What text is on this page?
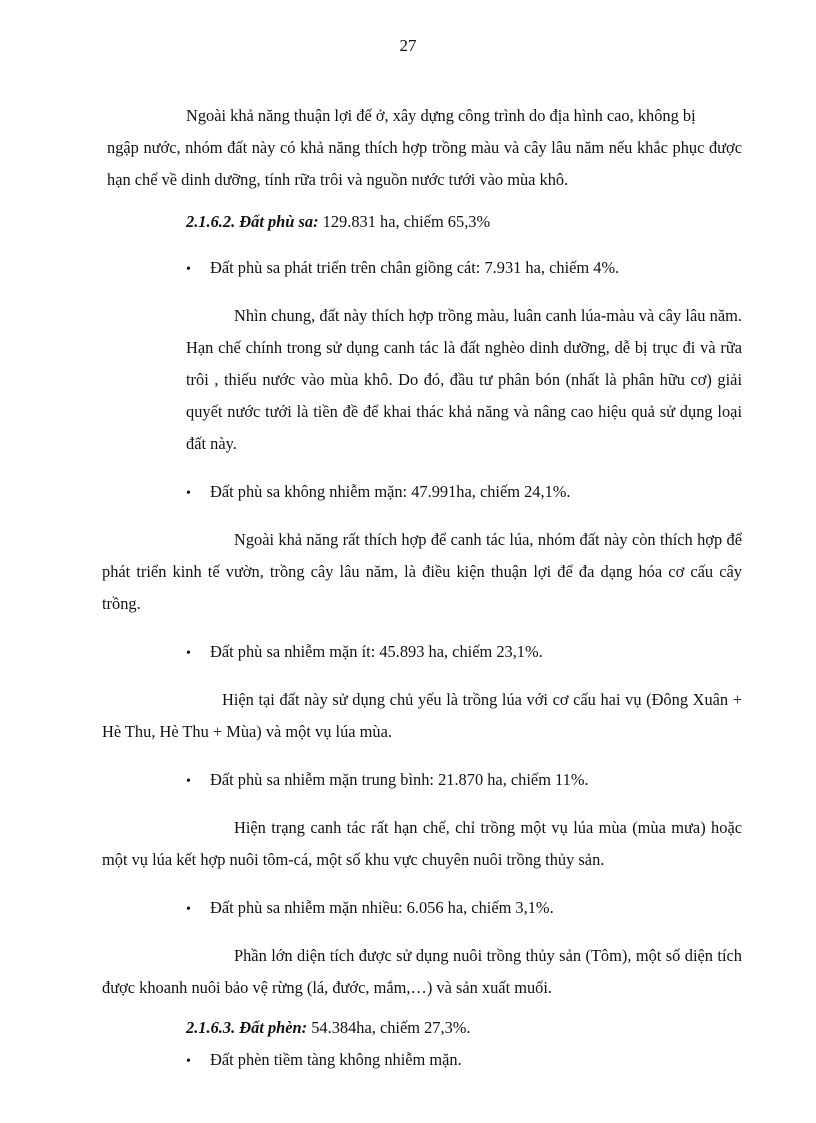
27

Ngoài khả năng thuận lợi để ở, xây dựng công trình do địa hình cao, không bị

ngập nước, nhóm đất này có khả năng thích hợp trồng màu và cây lâu năm nếu khắc phục được hạn chế về dinh dưỡng, tính rữa trôi và nguồn nước tưới vào mùa khô.

2.1.6.2. Đất phù sa: 129.831 ha, chiếm 65,3%

•	Đất phù sa phát triển trên chân giồng cát: 7.931 ha, chiếm 4%.

Nhìn chung, đất này thích hợp trồng màu, luân canh lúa-màu và cây lâu năm. Hạn chế chính trong sử dụng canh tác là đất nghèo dinh dưỡng, dễ bị trục đi và rữa trôi , thiếu nước vào mùa khô. Do đó, đầu tư phân bón (nhất là phân hữu cơ) giải quyết nước tưới là tiền đề để khai thác khả năng và nâng cao hiệu quả sử dụng loại đất này.

•	Đất phù sa không nhiễm mặn: 47.991ha, chiếm 24,1%.

Ngoài khả năng rất thích hợp để canh tác lúa, nhóm đất này còn thích hợp để phát triển kinh tế vườn, trồng cây lâu năm, là điều kiện thuận lợi để đa dạng hóa cơ cấu cây trồng.

•	Đất phù sa nhiễm mặn ít: 45.893 ha, chiếm 23,1%.

Hiện tại đất này sử dụng chủ yếu là trồng lúa với cơ cấu hai vụ (Đông Xuân + Hè Thu, Hè Thu + Mùa) và một vụ lúa mùa.

•	Đất phù sa nhiễm mặn trung bình: 21.870 ha, chiếm 11%.

Hiện trạng canh tác rất hạn chế, chỉ trồng một vụ lúa mùa (mùa mưa) hoặc một vụ lúa kết hợp nuôi tôm-cá, một số khu vực chuyên nuôi trồng thủy sản.

•	Đất phù sa nhiễm mặn nhiều: 6.056 ha, chiếm 3,1%.

Phần lớn diện tích được sử dụng nuôi trồng thủy sản (Tôm), một số diện tích được khoanh nuôi bảo vệ rừng (lá, đước, mắm,…) và sản xuất muối.

2.1.6.3. Đất phèn: 54.384ha, chiếm 27,3%.

•	Đất phèn tiềm tàng không nhiễm mặn.
